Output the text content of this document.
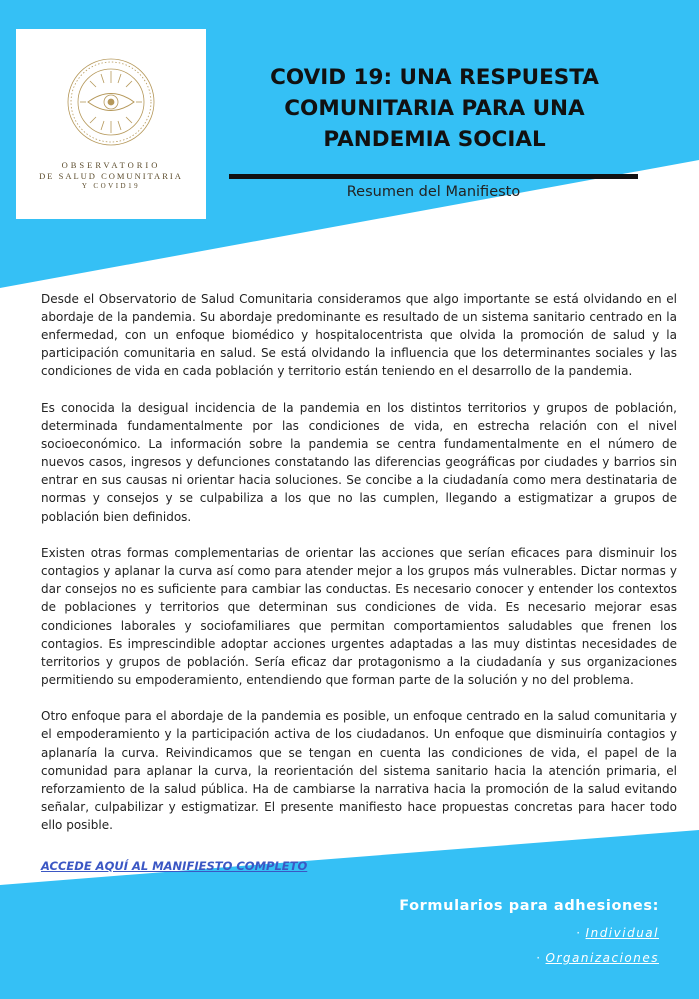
OBSERVATORIO
DE SALUD COMUNITARIA
Y COVID19
COVID 19: UNA RESPUESTA COMUNITARIA PARA UNA PANDEMIA SOCIAL
Resumen del Manifiesto

Desde el Observatorio de Salud Comunitaria consideramos que algo importante se está olvidando en el abordaje de la pandemia. Su abordaje predominante es resultado de un sistema sanitario centrado en la enfermedad, con un enfoque biomédico y hospitalocentrista que olvida la promoción de salud y la participación comunitaria en salud. Se está olvidando la influencia que los determinantes sociales y las condiciones de vida en cada población y territorio están teniendo en el desarrollo de la pandemia.

Es conocida la desigual incidencia de la pandemia en los distintos territorios y grupos de población, determinada fundamentalmente por las condiciones de vida, en estrecha relación con el nivel socioeconómico. La información sobre la pandemia se centra fundamentalmente en el número de nuevos casos, ingresos y defunciones constatando las diferencias geográficas por ciudades y barrios sin entrar en sus causas ni orientar hacia soluciones. Se concibe a la ciudadanía como mera destinataria de normas y consejos y se culpabiliza a los que no las cumplen, llegando a estigmatizar a grupos de población bien definidos.

Existen otras formas complementarias de orientar las acciones que serían eficaces para disminuir los contagios y aplanar la curva así como para atender mejor a los grupos más vulnerables. Dictar normas y dar consejos no es suficiente para cambiar las conductas. Es necesario conocer y entender los contextos de poblaciones y territorios que determinan sus condiciones de vida. Es necesario mejorar esas condiciones laborales y sociofamiliares que permitan comportamientos saludables que frenen los contagios. Es imprescindible adoptar acciones urgentes adaptadas a las muy distintas necesidades de territorios y grupos de población. Sería eficaz dar protagonismo a la ciudadanía y sus organizaciones permitiendo su empoderamiento, entendiendo que forman parte de la solución y no del problema.

Otro enfoque para el abordaje de la pandemia es posible, un enfoque centrado en la salud comunitaria y el empoderamiento y la participación activa de los ciudadanos. Un enfoque que disminuiría contagios y aplanaría la curva. Reivindicamos que se tengan en cuenta las condiciones de vida, el papel de la comunidad para aplanar la curva, la reorientación del sistema sanitario hacia la atención primaria, el reforzamiento de la salud pública. Ha de cambiarse la narrativa hacia la promoción de la salud evitando señalar, culpabilizar y estigmatizar. El presente manifiesto hace propuestas concretas para hacer todo ello posible.

ACCEDE AQUÍ AL MANIFIESTO COMPLETO
Formularios para adhesiones:
· Individual
· Organizaciones
